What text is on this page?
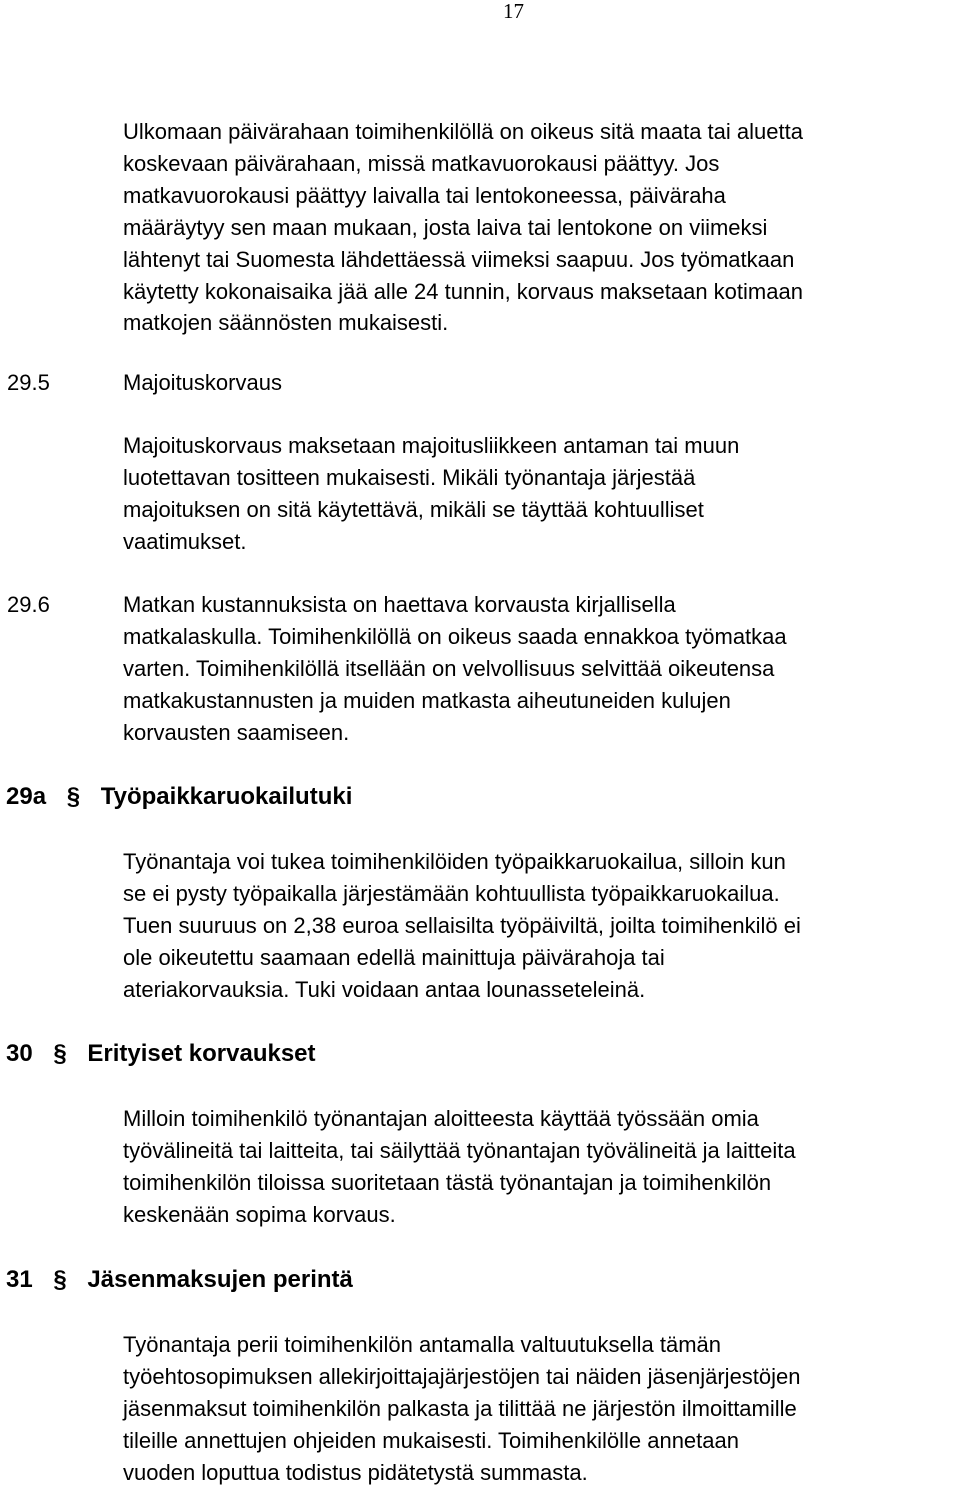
17

Ulkomaan päivärahaan toimihenkilöllä on oikeus sitä maata tai aluetta
koskevaan päivärahaan, missä matkavuorokausi päättyy. Jos
matkavuorokausi päättyy laivalla tai lentokoneessa, päiväraha
määräytyy sen maan mukaan, josta laiva tai lentokone on viimeksi
lähtenyt tai Suomesta lähdettäessä viimeksi saapuu. Jos työmatkaan
käytetty kokonaisaika jää alle 24 tunnin, korvaus maksetaan kotimaan
matkojen säännösten mukaisesti.

29.5	Majoituskorvaus

Majoituskorvaus maksetaan majoitusliikkeen antaman tai muun
luotettavan tositteen mukaisesti. Mikäli työnantaja järjestää
majoituksen on sitä käytettävä, mikäli se täyttää kohtuulliset
vaatimukset.

29.6	Matkan kustannuksista on haettava korvausta kirjallisella
matkalaskulla. Toimihenkilöllä on oikeus saada ennakkoa työmatkaa
varten. Toimihenkilöllä itsellään on velvollisuus selvittää oikeutensa
matkakustannusten ja muiden matkasta aiheutuneiden kulujen
korvausten saamiseen.

29a § Työpaikkaruokailutuki

Työnantaja voi tukea toimihenkilöiden työpaikkaruokailua, silloin kun
se ei pysty työpaikalla järjestämään kohtuullista työpaikkaruokailua.
Tuen suuruus on 2,38 euroa sellaisilta työpäiviltä, joilta toimihenkilö ei
ole oikeutettu saamaan edellä mainittuja päivärahoja tai
ateriakorvauksia. Tuki voidaan antaa lounasseteleinä.

30 § Erityiset korvaukset

Milloin toimihenkilö työnantajan aloitteesta käyttää työssään omia
työvälineitä tai laitteita, tai säilyttää työnantajan työvälineitä ja laitteita
toimihenkilön tiloissa suoritetaan tästä työnantajan ja toimihenkilön
keskenään sopima korvaus.

31 § Jäsenmaksujen perintä

Työnantaja perii toimihenkilön antamalla valtuutuksella tämän
työehtosopimuksen allekirjoittajajärjestöjen tai näiden jäsenjärjestöjen
jäsenmaksut toimihenkilön palkasta ja tilittää ne järjestön ilmoittamille
tileille annettujen ohjeiden mukaisesti. Toimihenkilölle annetaan
vuoden loputtua todistus pidätetystä summasta.
